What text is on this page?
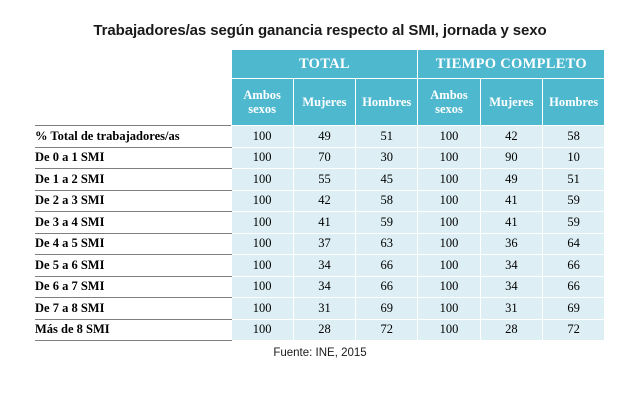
Trabajadores/as según ganancia respecto al SMI, jornada y sexo
	TOTAL			TIEMPO COMPLETO		
	Ambos sexos	Mujeres	Hombres	Ambos sexos	Mujeres	Hombres
% Total de trabajadores/as	100	49	51	100	42	58
De 0 a 1 SMI	100	70	30	100	90	10
De 1 a 2 SMI	100	55	45	100	49	51
De 2 a 3 SMI	100	42	58	100	41	59
De 3 a 4 SMI	100	41	59	100	41	59
De 4 a 5 SMI	100	37	63	100	36	64
De 5 a 6 SMI	100	34	66	100	34	66
De 6 a 7 SMI	100	34	66	100	34	66
De 7 a 8 SMI	100	31	69	100	31	69
Más de 8 SMI	100	28	72	100	28	72
Fuente: INE, 2015
